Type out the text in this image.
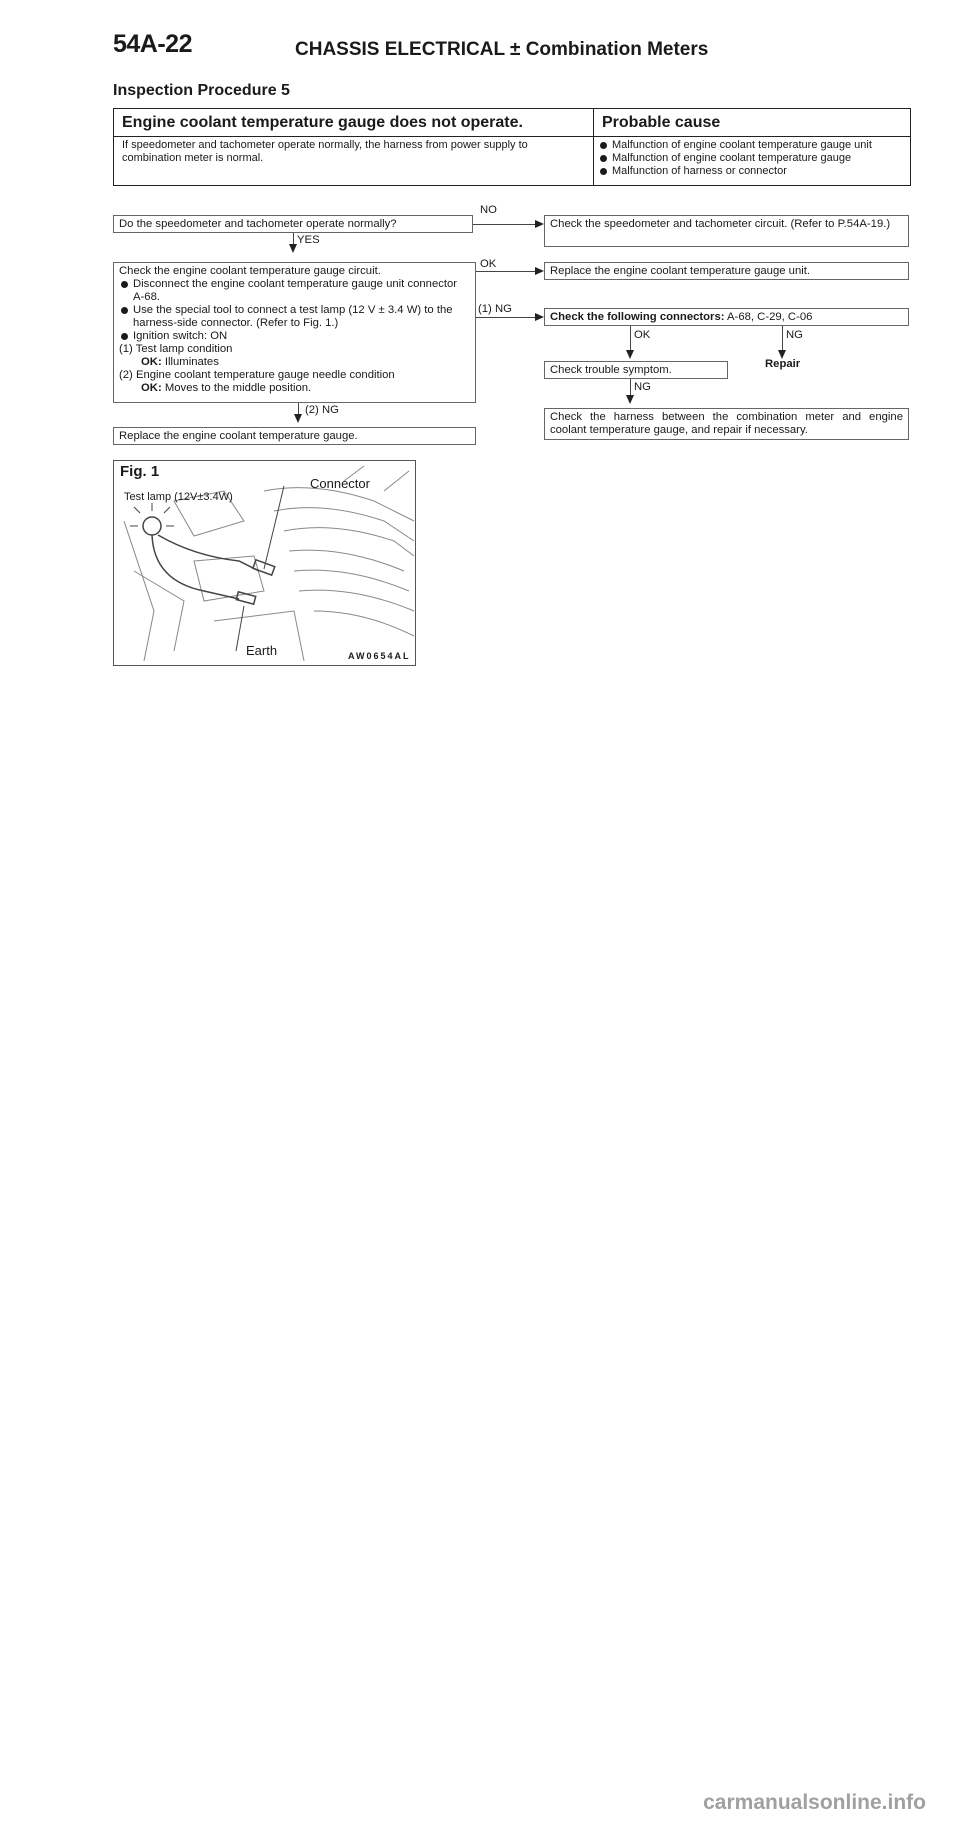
54A-22	CHASSIS ELECTRICAL ± Combination Meters
Inspection Procedure 5
Engine coolant temperature gauge does not operate.	Probable cause
If speedometer and tachometer operate normally, the harness from power supply to combination meter is normal.
Malfunction of engine coolant temperature gauge unit
Malfunction of engine coolant temperature gauge
Malfunction of harness or connector
Do the speedometer and tachometer operate normally?
NO
Check the speedometer and tachometer circuit. (Refer to P.54A-19.)
YES
Check the engine coolant temperature gauge circuit.
Disconnect the engine coolant temperature gauge unit connector A-68.
Use the special tool to connect a test lamp (12 V ± 3.4 W) to the harness-side connector. (Refer to Fig. 1.)
Ignition switch: ON
(1) Test lamp condition
OK: Illuminates
(2) Engine coolant temperature gauge needle condition
OK: Moves to the middle position.
OK
Replace the engine coolant temperature gauge unit.
(1) NG
Check the following connectors: A-68, C-29, C-06
OK	NG
Repair
Check trouble symptom.
NG
Check the harness between the combination meter and engine coolant temperature gauge, and repair if necessary.
(2) NG
Replace the engine coolant temperature gauge.
Fig. 1
Test lamp (12V±3.4W)
Connector
Earth	AW0654AL
carmanualsonline.info
